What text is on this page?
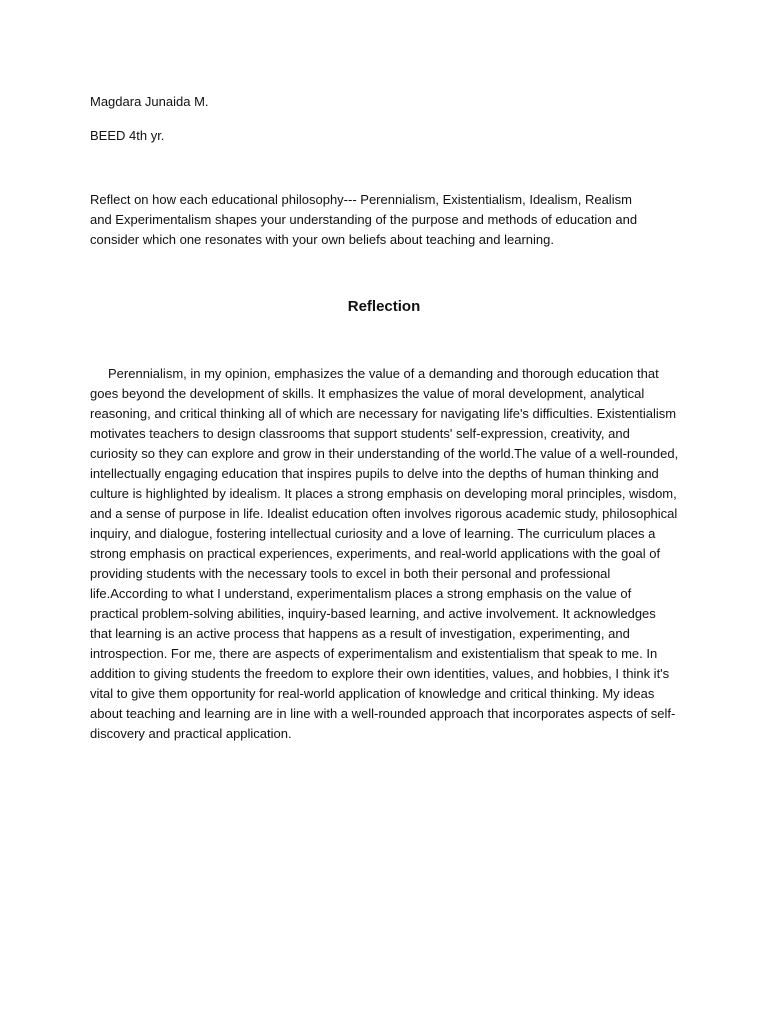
Magdara Junaida M.
BEED 4th yr.

Reflect on how each educational philosophy--- Perennialism, Existentialism, Idealism, Realism and Experimentalism shapes your understanding of the purpose and methods of education and consider which one resonates with your own beliefs about teaching and learning.

Reflection

Perennialism, in my opinion, emphasizes the value of a demanding and thorough education that goes beyond the development of skills. It emphasizes the value of moral development, analytical reasoning, and critical thinking all of which are necessary for navigating life's difficulties. Existentialism motivates teachers to design classrooms that support students' self-expression, creativity, and curiosity so they can explore and grow in their understanding of the world.The value of a well-rounded, intellectually engaging education that inspires pupils to delve into the depths of human thinking and culture is highlighted by idealism. It places a strong emphasis on developing moral principles, wisdom, and a sense of purpose in life. Idealist education often involves rigorous academic study, philosophical inquiry, and dialogue, fostering intellectual curiosity and a love of learning. The curriculum places a strong emphasis on practical experiences, experiments, and real-world applications with the goal of providing students with the necessary tools to excel in both their personal and professional life.According to what I understand, experimentalism places a strong emphasis on the value of practical problem-solving abilities, inquiry-based learning, and active involvement. It acknowledges that learning is an active process that happens as a result of investigation, experimenting, and introspection. For me, there are aspects of experimentalism and existentialism that speak to me. In addition to giving students the freedom to explore their own identities, values, and hobbies, I think it's vital to give them opportunity for real-world application of knowledge and critical thinking. My ideas about teaching and learning are in line with a well-rounded approach that incorporates aspects of self-discovery and practical application.
